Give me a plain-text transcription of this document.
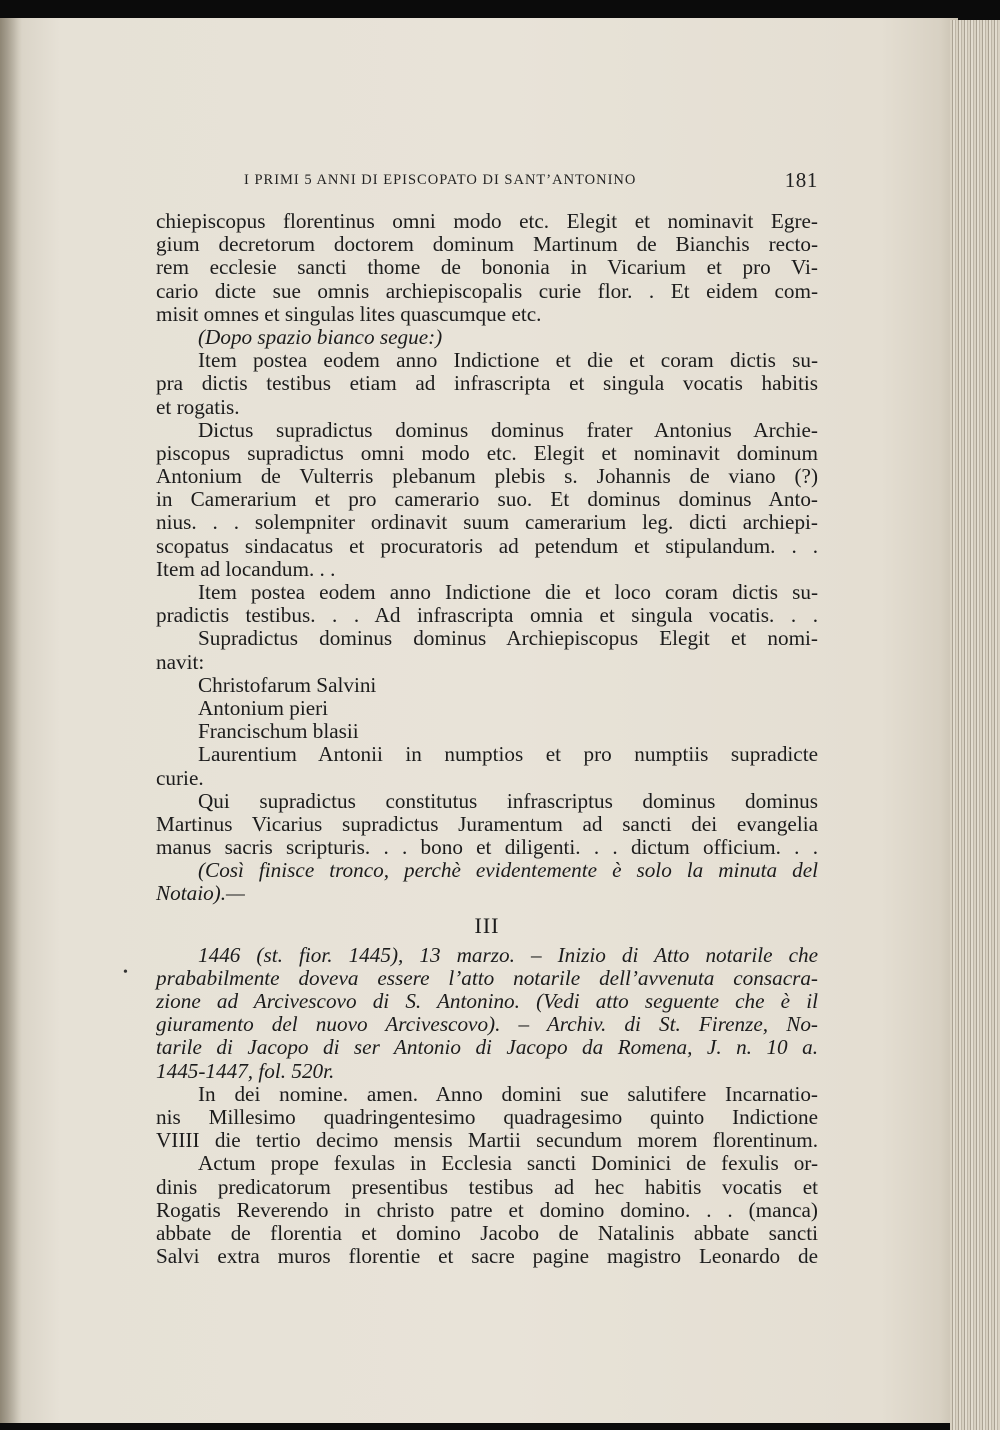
I PRIMI 5 ANNI DI EPISCOPATO DI SANT’ANTONINO	181
•
chiepiscopus florentinus omni modo etc. Elegit et nominavit Egre-
gium decretorum doctorem dominum Martinum de Bianchis recto-
rem ecclesie sancti thome de bononia in Vicarium et pro Vi-
cario dicte sue omnis archiepiscopalis curie flor. . Et eidem com-
misit omnes et singulas lites quascumque etc.
(Dopo spazio bianco segue:)
Item postea eodem anno Indictione et die et coram dictis su-
pra dictis testibus etiam ad infrascripta et singula vocatis habitis
et rogatis.
Dictus supradictus dominus dominus frater Antonius Archie-
piscopus supradictus omni modo etc. Elegit et nominavit dominum
Antonium de Vulterris plebanum plebis s. Johannis de viano (?)
in Camerarium et pro camerario suo. Et dominus dominus Anto-
nius. . . solempniter ordinavit suum camerarium leg. dicti archiepi-
scopatus sindacatus et procuratoris ad petendum et stipulandum. . .
Item ad locandum. . .
Item postea eodem anno Indictione die et loco coram dictis su-
pradictis testibus. . . Ad infrascripta omnia et singula vocatis. . .
Supradictus dominus dominus Archiepiscopus Elegit et nomi-
navit:
Christofarum Salvini
Antonium pieri
Francischum blasii
Laurentium Antonii in numptios et pro numptiis supradicte
curie.
Qui supradictus constitutus infrascriptus dominus dominus
Martinus Vicarius supradictus Juramentum ad sancti dei evangelia
manus sacris scripturis. . . bono et diligenti. . . dictum officium. . .
(Così finisce tronco, perchè evidentemente è solo la minuta del
Notaio).—
III
1446 (st. fior. 1445), 13 marzo. – Inizio di Atto notarile che
prababilmente doveva essere l’atto notarile dell’avvenuta consacra-
zione ad Arcivescovo di S. Antonino. (Vedi atto seguente che è il
giuramento del nuovo Arcivescovo). – Archiv. di St. Firenze, No-
tarile di Jacopo di ser Antonio di Jacopo da Romena, J. n. 10 a.
1445-1447, fol. 520r.
In dei nomine. amen. Anno domini sue salutifere Incarnatio-
nis Millesimo quadringentesimo quadragesimo quinto Indictione
VIIII die tertio decimo mensis Martii secundum morem florentinum.
Actum prope fexulas in Ecclesia sancti Dominici de fexulis or-
dinis predicatorum presentibus testibus ad hec habitis vocatis et
Rogatis Reverendo in christo patre et domino domino. . . (manca)
abbate de florentia et domino Jacobo de Natalinis abbate sancti
Salvi extra muros florentie et sacre pagine magistro Leonardo de
